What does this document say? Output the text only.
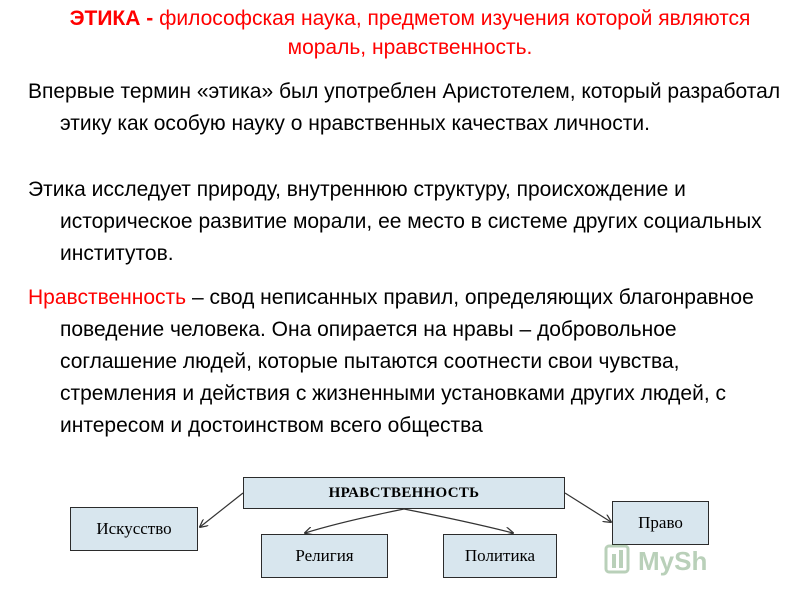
ЭТИКА - философская наука, предметом изучения которой являются мораль, нравственность.
Впервые термин «этика» был употреблен Аристотелем, который разработал этику как особую науку о нравственных качествах личности.
Этика исследует природу, внутреннюю структуру, происхождение и историческое развитие морали, ее место в системе других социальных институтов.
Нравственность – свод неписанных правил, определяющих благонравное поведение человека. Она опирается на нравы – добровольное соглашение людей, которые пытаются соотнести свои чувства, стремления и действия с жизненными установками других людей, с интересом и достоинством всего общества
НРАВСТВЕННОСТЬ
Искусство
Религия	Политика
Право
MySh
